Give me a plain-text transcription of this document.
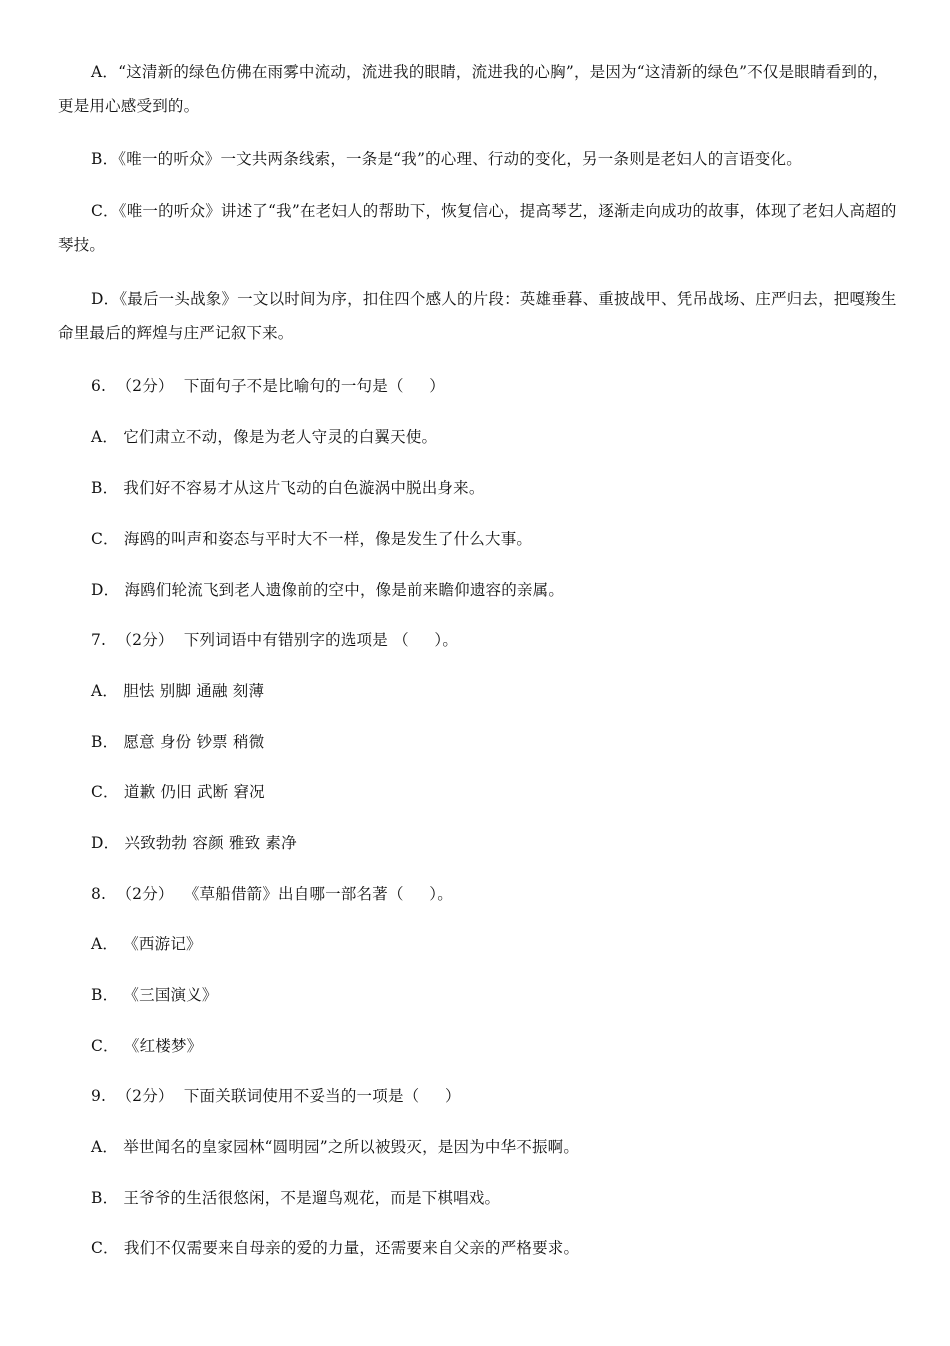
A．“这清新的绿色仿佛在雨雾中流动，流进我的眼睛，流进我的心胸”，是因为“这清新的绿色”不仅是眼睛看到的，更是用心感受到的。
B．《唯一的听众》一文共两条线索，一条是“我”的心理、行动的变化，另一条则是老妇人的言语变化。
C．《唯一的听众》讲述了“我”在老妇人的帮助下，恢复信心，提高琴艺，逐渐走向成功的故事，体现了老妇人高超的琴技。
D．《最后一头战象》一文以时间为序，扣住四个感人的片段：英雄垂暮、重披战甲、凭吊战场、庄严归去，把嘎羧生命里最后的辉煌与庄严记叙下来。
6.  （2分）  下面句子不是比喻句的一句是（     ）
A． 它们肃立不动，像是为老人守灵的白翼天使。
B． 我们好不容易才从这片飞动的白色漩涡中脱出身来。
C． 海鸥的叫声和姿态与平时大不一样，像是发生了什么大事。
D． 海鸥们轮流飞到老人遗像前的空中，像是前来瞻仰遗容的亲属。
7.  （2分）  下列词语中有错别字的选项是 （     ）。
A． 胆怯 别脚 通融 刻薄
B． 愿意 身份 钞票 稍微
C． 道歉 仍旧 武断 窘况
D． 兴致勃勃 容颜 雅致 素净
8.  （2分）  《草船借箭》出自哪一部名著（     ）。
A． 《西游记》
B． 《三国演义》
C． 《红楼梦》
9.  （2分）  下面关联词使用不妥当的一项是（     ）
A． 举世闻名的皇家园林“圆明园”之所以被毁灭，是因为中华不振啊。
B． 王爷爷的生活很悠闲，不是遛鸟观花，而是下棋唱戏。
C． 我们不仅需要来自母亲的爱的力量，还需要来自父亲的严格要求。
